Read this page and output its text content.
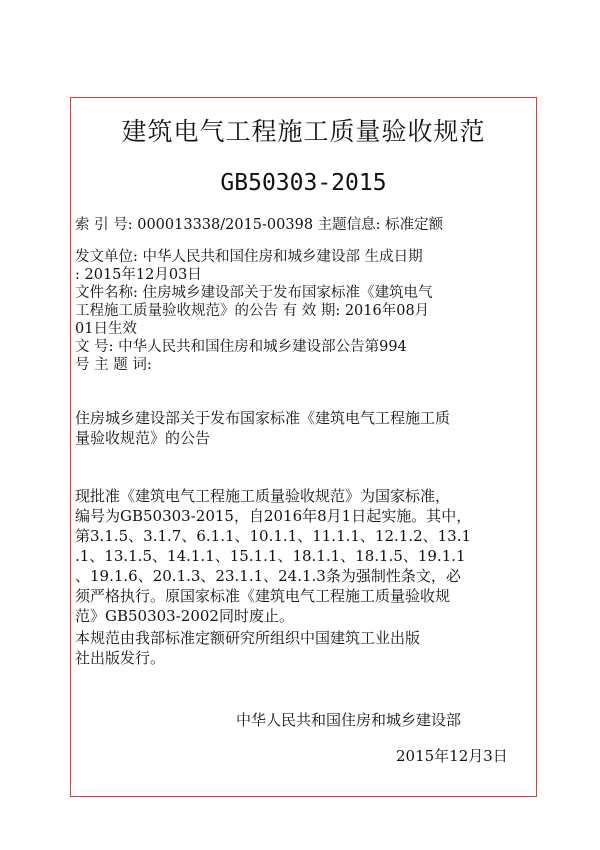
建筑电气工程施工质量验收规范
GB50303-2015
索 引 号: 000013338/2015-00398 主题信息: 标准定额
发文单位: 中华人民共和国住房和城乡建设部 生成日期
: 2015年12月03日
文件名称: 住房城乡建设部关于发布国家标准《建筑电气
工程施工质量验收规范》的公告 有 效 期: 2016年08月
01日生效
文 号: 中华人民共和国住房和城乡建设部公告第994
号 主 题 词:
住房城乡建设部关于发布国家标准《建筑电气工程施工质
量验收规范》的公告
现批准《建筑电气工程施工质量验收规范》为国家标准，
编号为GB50303-2015，自2016年8月1日起实施。其中，
第3.1.5、3.1.7、6.1.1、10.1.1、11.1.1、12.1.2、13.1
.1、13.1.5、14.1.1、15.1.1、18.1.1、18.1.5、19.1.1
、19.1.6、20.1.3、23.1.1、24.1.3条为强制性条文，必
须严格执行。原国家标准《建筑电气工程施工质量验收规
范》GB50303-2002同时废止。
本规范由我部标准定额研究所组织中国建筑工业出版
社出版发行。
中华人民共和国住房和城乡建设部
2015年12月3日
